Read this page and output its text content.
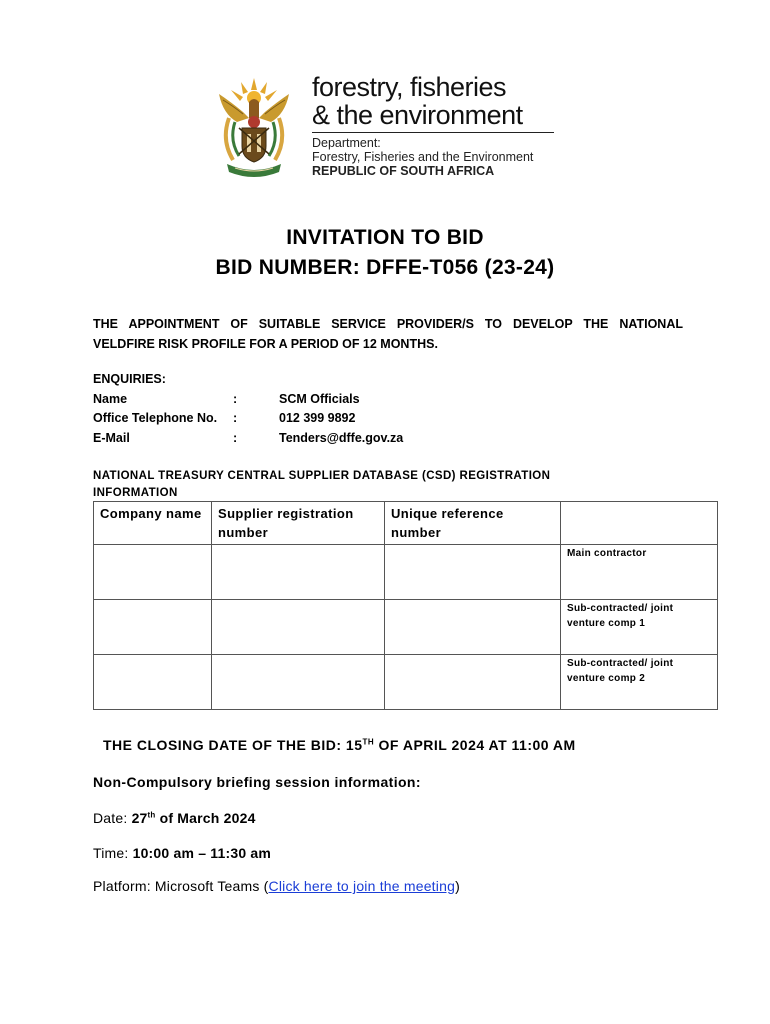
forestry, fisheries
& the environment
Department:
Forestry, Fisheries and the Environment
REPUBLIC OF SOUTH AFRICA
INVITATION TO BID
BID NUMBER: DFFE-T056 (23-24)
THE APPOINTMENT OF SUITABLE SERVICE PROVIDER/S TO DEVELOP THE NATIONAL
VELDFIRE RISK PROFILE FOR A PERIOD OF 12 MONTHS.
ENQUIRIES:
Name	:	SCM Officials
Office Telephone No. :	012 399 9892
E-Mail	:	Tenders@dffe.gov.za
NATIONAL TREASURY CENTRAL SUPPLIER DATABASE (CSD) REGISTRATION
INFORMATION
Company name	Supplier registration number	Unique reference number	
			Main contractor
			Sub-contracted/ joint venture comp 1
			Sub-contracted/ joint venture comp 2
THE CLOSING DATE OF THE BID: 15TH OF APRIL 2024 AT 11:00 AM
Non-Compulsory briefing session information:
Date: 27th of March 2024
Time: 10:00 am – 11:30 am
Platform: Microsoft Teams (Click here to join the meeting)
